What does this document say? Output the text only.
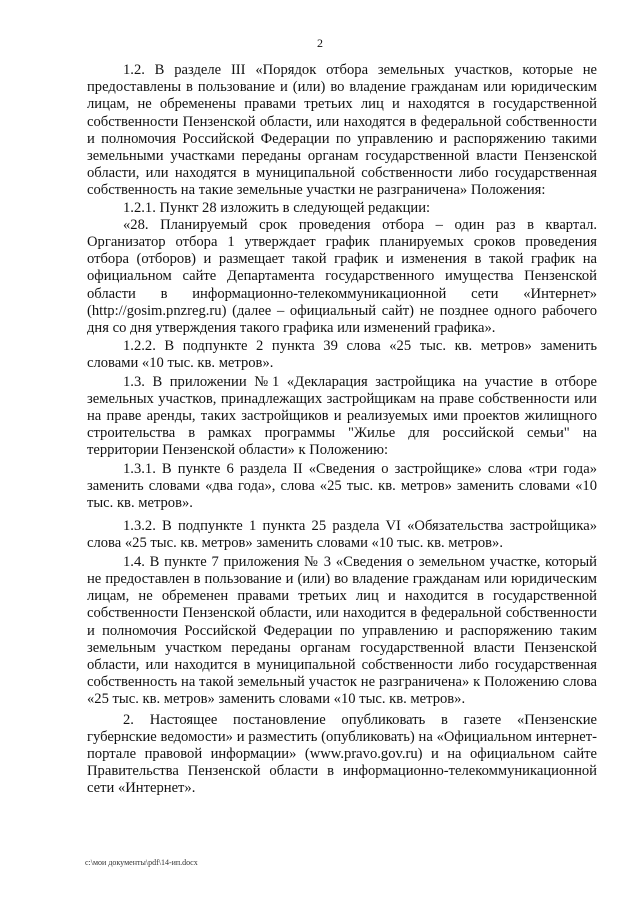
2

1.2. В разделе III «Порядок отбора земельных участков, которые не предоставлены в пользование и (или) во владение гражданам или юридическим лицам, не обременены правами третьих лиц и находятся в государственной собственности Пензенской области, или находятся в федеральной собственности и полномочия Российской Федерации по управлению и распоряжению такими земельными участками переданы органам государственной власти Пензенской области, или находятся в муниципальной собственности либо государственная собственность на такие земельные участки не разграничена» Положения:

1.2.1. Пункт 28 изложить в следующей редакции:

«28. Планируемый срок проведения отбора – один раз в квартал. Организатор отбора 1 утверждает график планируемых сроков проведения отбора (отборов) и размещает такой график и изменения в такой график на официальном сайте Департамента государственного имущества Пензенской области в информационно-телекоммуникационной сети «Интернет» (http://gosim.pnzreg.ru) (далее – официальный сайт) не позднее одного рабочего дня со дня утверждения такого графика или изменений графика».

1.2.2. В подпункте 2 пункта 39 слова «25 тыс. кв. метров» заменить словами «10 тыс. кв. метров».

1.3. В приложении №1 «Декларация застройщика на участие в отборе земельных участков, принадлежащих застройщикам на праве собственности или на праве аренды, таких застройщиков и реализуемых ими проектов жилищного строительства в рамках программы "Жилье для российской семьи" на территории Пензенской области» к Положению:

1.3.1. В пункте 6 раздела II «Сведения о застройщике» слова «три года» заменить словами «два года», слова «25 тыс. кв. метров» заменить словами «10 тыс. кв. метров».

1.3.2. В подпункте 1 пункта 25 раздела VI «Обязательства застройщика» слова «25 тыс. кв. метров» заменить словами «10 тыс. кв. метров».

1.4. В пункте 7 приложения № 3 «Сведения о земельном участке, который не предоставлен в пользование и (или) во владение гражданам или юридическим лицам, не обременен правами третьих лиц и находится в государственной собственности Пензенской области, или находится в федеральной собственности и полномочия Российской Федерации по управлению и распоряжению таким земельным участком переданы органам государственной власти Пензенской области, или находится в муниципальной собственности либо государственная собственность на такой земельный участок не разграничена» к Положению слова «25 тыс. кв. метров» заменить словами «10 тыс. кв. метров».

2. Настоящее постановление опубликовать в газете «Пензенские губернские ведомости» и разместить (опубликовать) на «Официальном интернет-портале правовой информации» (www.pravo.gov.ru) и на официальном сайте Правительства Пензенской области в информационно-телекоммуникационной сети «Интернет».

c:\мои документы\pdf\14-ип.docx
